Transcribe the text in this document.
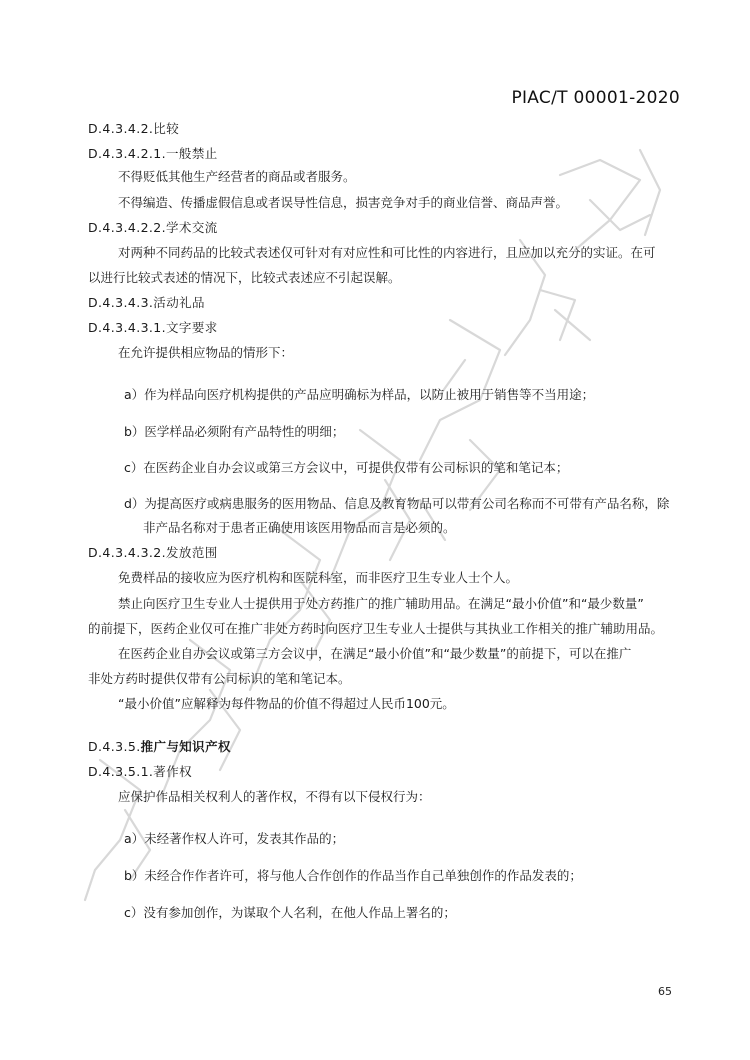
PIAC/T 00001-2020
D.4.3.4.2.比较
D.4.3.4.2.1.一般禁止
不得贬低其他生产经营者的商品或者服务。
不得编造、传播虚假信息或者误导性信息，损害竞争对手的商业信誉、商品声誉。
D.4.3.4.2.2.学术交流
对两种不同药品的比较式表述仅可针对有对应性和可比性的内容进行，且应加以充分的实证。在可
以进行比较式表述的情况下，比较式表述应不引起误解。
D.4.3.4.3.活动礼品
D.4.3.4.3.1.文字要求
在允许提供相应物品的情形下：
a）作为样品向医疗机构提供的产品应明确标为样品，以防止被用于销售等不当用途；
b）医学样品必须附有产品特性的明细；
c）在医药企业自办会议或第三方会议中，可提供仅带有公司标识的笔和笔记本；
d）为提高医疗或病患服务的医用物品、信息及教育物品可以带有公司名称而不可带有产品名称，除
非产品名称对于患者正确使用该医用物品而言是必须的。
D.4.3.4.3.2.发放范围
免费样品的接收应为医疗机构和医院科室，而非医疗卫生专业人士个人。
禁止向医疗卫生专业人士提供用于处方药推广的推广辅助用品。在满足“最小价值”和“最少数量”
的前提下，医药企业仅可在推广非处方药时向医疗卫生专业人士提供与其执业工作相关的推广辅助用品。
在医药企业自办会议或第三方会议中，在满足“最小价值”和“最少数量”的前提下，可以在推广
非处方药时提供仅带有公司标识的笔和笔记本。
“最小价值”应解释为每件物品的价值不得超过人民币100元。
D.4.3.5.推广与知识产权
D.4.3.5.1.著作权
应保护作品相关权利人的著作权，不得有以下侵权行为：
a）未经著作权人许可，发表其作品的；
b）未经合作作者许可，将与他人合作创作的作品当作自己单独创作的作品发表的；
c）没有参加创作，为谋取个人名利，在他人作品上署名的；
65
